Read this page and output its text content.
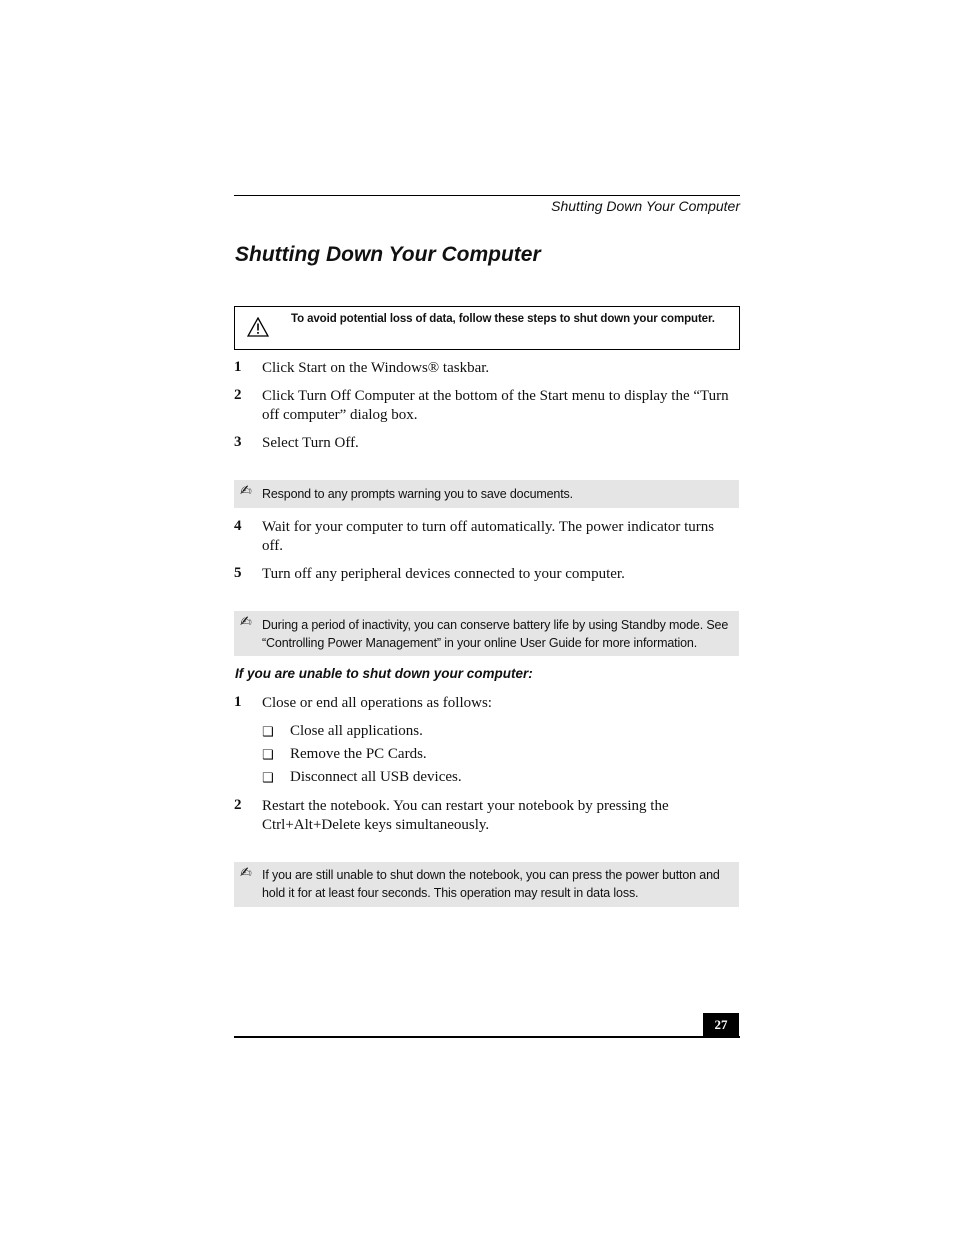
Shutting Down Your Computer
Shutting Down Your Computer
To avoid potential loss of data, follow these steps to shut down your computer.
1 Click Start on the Windows® taskbar.
2 Click Turn Off Computer at the bottom of the Start menu to display the “Turn off computer” dialog box.
3 Select Turn Off.
✍ Respond to any prompts warning you to save documents.
4 Wait for your computer to turn off automatically. The power indicator turns off.
5 Turn off any peripheral devices connected to your computer.
✍ During a period of inactivity, you can conserve battery life by using Standby mode. See “Controlling Power Management” in your online User Guide for more information.
If you are unable to shut down your computer:
1 Close or end all operations as follows:
❑ Close all applications.
❑ Remove the PC Cards.
❑ Disconnect all USB devices.
2 Restart the notebook. You can restart your notebook by pressing the Ctrl+Alt+Delete keys simultaneously.
✍ If you are still unable to shut down the notebook, you can press the power button and hold it for at least four seconds. This operation may result in data loss.
27
